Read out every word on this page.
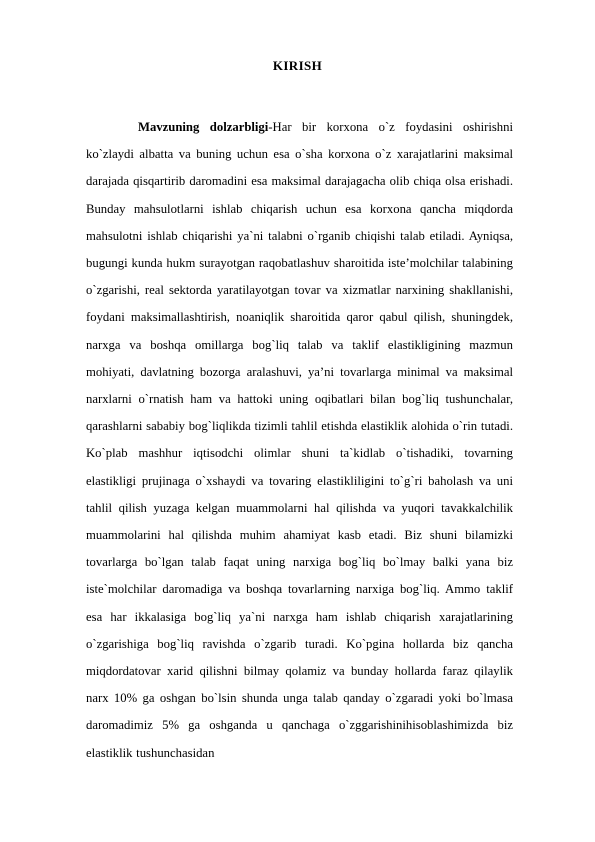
KIRISH

Mavzuning dolzarbligi-Har bir korxona o`z foydasini oshirishni ko`zlaydi albatta va buning uchun esa o`sha korxona o`z xarajatlarini maksimal darajada qisqartirib daromadini esa maksimal darajagacha olib chiqa olsa erishadi. Bunday mahsulotlarni ishlab chiqarish uchun esa korxona qancha miqdorda mahsulotni ishlab chiqarishi ya`ni talabni o`rganib chiqishi talab etiladi. Ayniqsa, bugungi kunda hukm surayotgan raqobatlashuv sharoitida iste’molchilar talabining o`zgarishi, real sektorda yaratilayotgan tovar va xizmatlar narxining shakllanishi, foydani maksimallashtirish, noaniqlik sharoitida qaror qabul qilish, shuningdek, narxga va boshqa omillarga bog`liq talab va taklif elastikligining mazmun mohiyati, davlatning bozorga aralashuvi, ya’ni tovarlarga minimal va maksimal narxlarni o`rnatish ham va hattoki uning oqibatlari bilan bog`liq tushunchalar, qarashlarni sababiy bog`liqlikda tizimli tahlil etishda elastiklik alohida o`rin tutadi. Ko`plab mashhur iqtisodchi olimlar shuni ta`kidlab o`tishadiki, tovarning elastikligi prujinaga o`xshaydi va tovaring elastikliligini to`g`ri baholash va uni tahlil qilish yuzaga kelgan muammolarni hal qilishda va yuqori tavakkalchilik muammolarini hal qilishda muhim ahamiyat kasb etadi. Biz shuni bilamizki tovarlarga bo`lgan talab faqat uning narxiga bog`liq bo`lmay balki yana biz iste`molchilar daromadiga va boshqa tovarlarning narxiga bog`liq. Ammo taklif esa har ikkalasiga bog`liq ya`ni narxga ham ishlab chiqarish xarajatlarining o`zgarishiga bog`liq ravishda o`zgarib turadi. Ko`pgina hollarda biz qancha miqdordatovar xarid qilishni bilmay qolamiz va bunday hollarda faraz qilaylik narx 10% ga oshgan bo`lsin shunda unga talab qanday o`zgaradi yoki bo`lmasa daromadimiz 5% ga oshganda u qanchaga o`zggarishinihisoblashimizda biz elastiklik tushunchasidan
